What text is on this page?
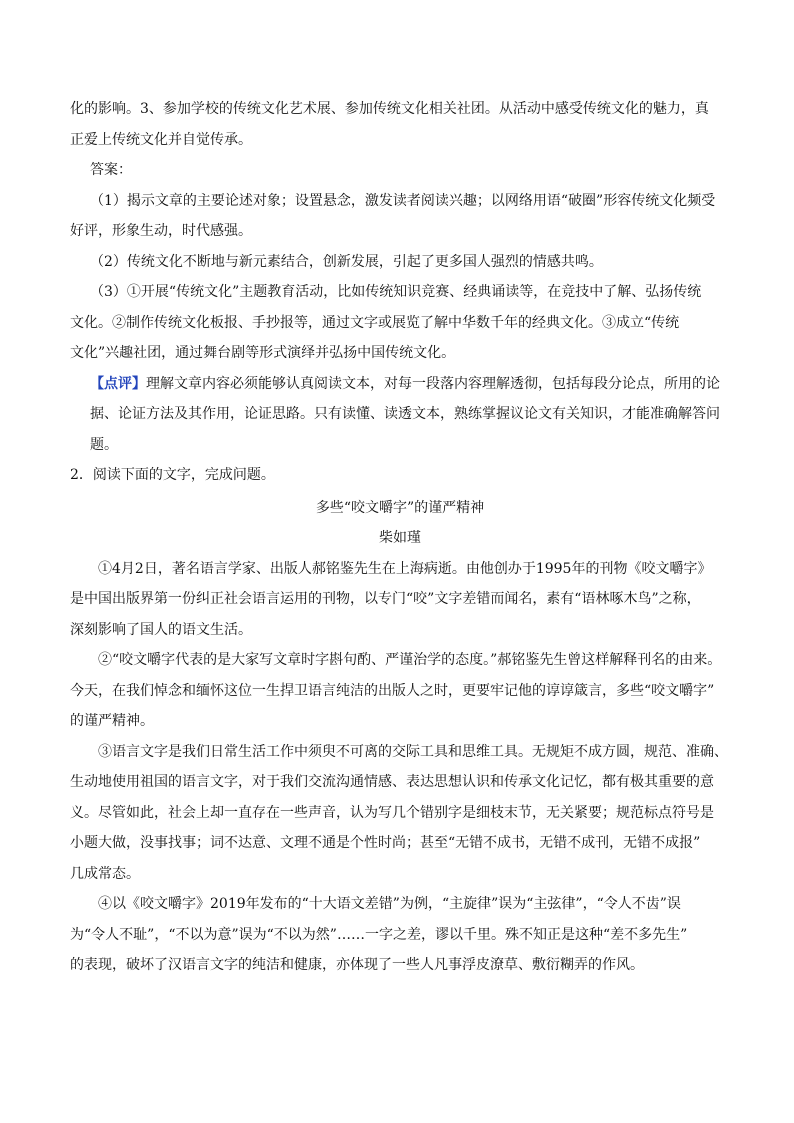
化的影响。3、参加学校的传统文化艺术展、参加传统文化相关社团。从活动中感受传统文化的魅力，真

正爱上传统文化并自觉传承。

答案：

（1）揭示文章的主要论述对象；设置悬念，激发读者阅读兴趣；以网络用语“破圈”形容传统文化频受

好评，形象生动，时代感强。

（2）传统文化不断地与新元素结合，创新发展，引起了更多国人强烈的情感共鸣。

（3）①开展“传统文化”主题教育活动，比如传统知识竞赛、经典诵读等，在竞技中了解、弘扬传统

文化。②制作传统文化板报、手抄报等，通过文字或展览了解中华数千年的经典文化。③成立“传统

文化”兴趣社团，通过舞台剧等形式演绎并弘扬中国传统文化。

【点评】理解文章内容必须能够认真阅读文本，对每一段落内容理解透彻，包括每段分论点，所用的论

据、论证方法及其作用，论证思路。只有读懂、读透文本，熟练掌握议论文有关知识，才能准确解答问

题。

2．阅读下面的文字，完成问题。

多些“咬文嚼字”的谨严精神

柴如瑾

①4月2日，著名语言学家、出版人郝铭鉴先生在上海病逝。由他创办于1995年的刊物《咬文嚼字》

是中国出版界第一份纠正社会语言运用的刊物，以专门“咬”文字差错而闻名，素有“语林啄木鸟”之称，

深刻影响了国人的语文生活。

②“咬文嚼字代表的是大家写文章时字斟句酌、严谨治学的态度。”郝铭鉴先生曾这样解释刊名的由来。

今天，在我们悼念和缅怀这位一生捍卫语言纯洁的出版人之时，更要牢记他的谆谆箴言，多些“咬文嚼字”

的谨严精神。

③语言文字是我们日常生活工作中须臾不可离的交际工具和思维工具。无规矩不成方圆，规范、准确、

生动地使用祖国的语言文字，对于我们交流沟通情感、表达思想认识和传承文化记忆，都有极其重要的意

义。尽管如此，社会上却一直存在一些声音，认为写几个错别字是细枝末节，无关紧要；规范标点符号是

小题大做，没事找事；词不达意、文理不通是个性时尚；甚至“无错不成书，无错不成刊，无错不成报”

几成常态。

④以《咬文嚼字》2019年发布的“十大语文差错”为例，“主旋律”误为“主弦律”，“令人不齿”误

为“令人不耻”，“不以为意”误为“不以为然”……一字之差，谬以千里。殊不知正是这种“差不多先生”

的表现，破坏了汉语言文字的纯洁和健康，亦体现了一些人凡事浮皮潦草、敷衍糊弄的作风。
